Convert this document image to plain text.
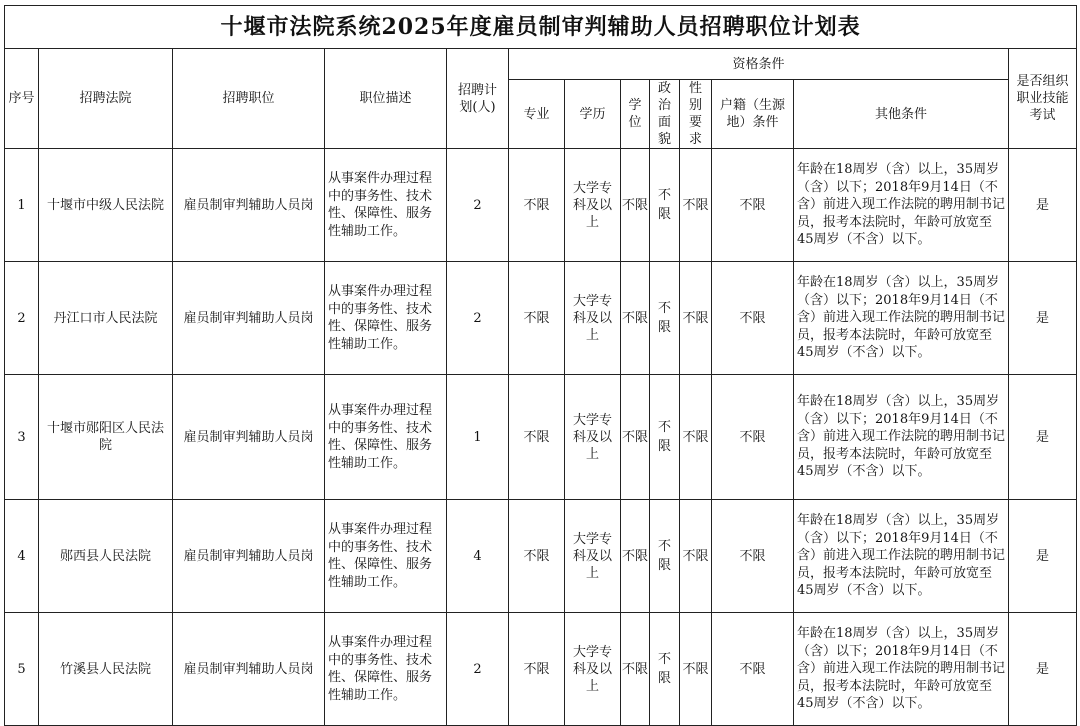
十堰市法院系统2025年度雇员制审判辅助人员招聘职位计划表												
序号	招聘法院	招聘职位	职位描述	招聘计划(人)	资格条件							是否组织职业技能考试
					专业	学历	学位	政治面貌	性别要求	户籍（生源地）条件	其他条件	
1	十堰市中级人民法院	雇员制审判辅助人员岗	从事案件办理过程中的事务性、技术性、保障性、服务性辅助工作。	2	不限	大学专科及以上	不限	不限	不限	不限	年龄在18周岁（含）以上，35周岁（含）以下；2018年9月14日（不含）前进入现工作法院的聘用制书记员，报考本法院时，年龄可放宽至45周岁（不含）以下。	是
2	丹江口市人民法院	雇员制审判辅助人员岗	从事案件办理过程中的事务性、技术性、保障性、服务性辅助工作。	2	不限	大学专科及以上	不限	不限	不限	不限	年龄在18周岁（含）以上，35周岁（含）以下；2018年9月14日（不含）前进入现工作法院的聘用制书记员，报考本法院时，年龄可放宽至45周岁（不含）以下。	是
3	十堰市郧阳区人民法院	雇员制审判辅助人员岗	从事案件办理过程中的事务性、技术性、保障性、服务性辅助工作。	1	不限	大学专科及以上	不限	不限	不限	不限	年龄在18周岁（含）以上，35周岁（含）以下；2018年9月14日（不含）前进入现工作法院的聘用制书记员，报考本法院时，年龄可放宽至45周岁（不含）以下。	是
4	郧西县人民法院	雇员制审判辅助人员岗	从事案件办理过程中的事务性、技术性、保障性、服务性辅助工作。	4	不限	大学专科及以上	不限	不限	不限	不限	年龄在18周岁（含）以上，35周岁（含）以下；2018年9月14日（不含）前进入现工作法院的聘用制书记员，报考本法院时，年龄可放宽至45周岁（不含）以下。	是
5	竹溪县人民法院	雇员制审判辅助人员岗	从事案件办理过程中的事务性、技术性、保障性、服务性辅助工作。	2	不限	大学专科及以上	不限	不限	不限	不限	年龄在18周岁（含）以上，35周岁（含）以下；2018年9月14日（不含）前进入现工作法院的聘用制书记员，报考本法院时，年龄可放宽至45周岁（不含）以下。	是
